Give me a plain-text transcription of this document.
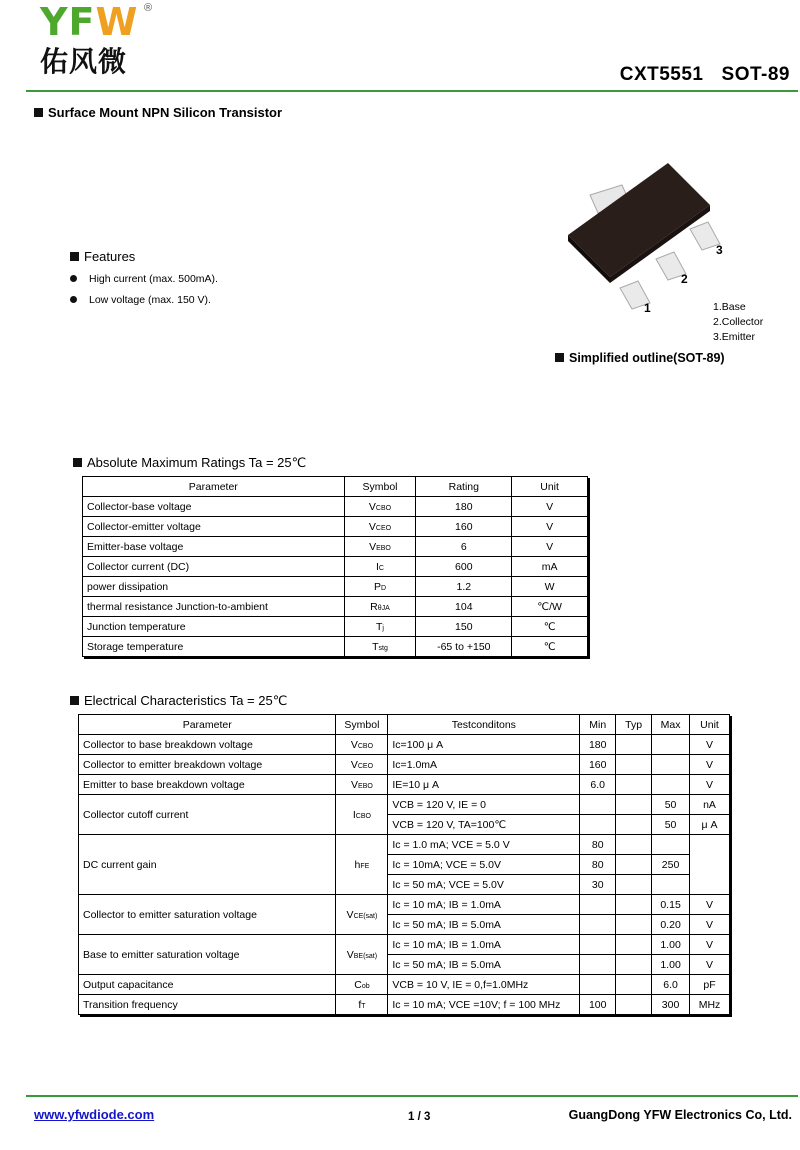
YFW ®
佑风微	CXT5551 SOT-89
Surface Mount NPN Silicon Transistor
Features
High current (max. 500mA).
Low voltage (max. 150 V).
1
2
3
1.Base
2.Collector
3.Emitter
Simplified outline(SOT-89)
Absolute Maximum Ratings Ta = 25℃
Parameter	Symbol	Rating	Unit
Collector-base voltage	VCBO	180	V
Collector-emitter voltage	VCEO	160	V
Emitter-base voltage	VEBO	6	V
Collector current (DC)	IC	600	mA
power dissipation	PD	1.2	W
thermal resistance Junction-to-ambient	RθJA	104	℃/W
Junction temperature	Tj	150	℃
Storage temperature	Tstg	-65 to +150	℃
Electrical Characteristics Ta = 25℃
Parameter	Symbol	Testconditons	Min	Typ	Max	Unit
Collector to base breakdown voltage	VCBO	Ic=100 μ A	180			V
Collector to emitter breakdown voltage	VCEO	Ic=1.0mA	160			V
Emitter to base breakdown voltage	VEBO	IE=10 μ A	6.0			V
Collector cutoff current	ICBO	VCB = 120 V, IE = 0			50	nA
		VCB = 120 V, TA=100℃			50	μ A
DC current gain	hFE	Ic = 1.0 mA; VCE = 5.0 V	80			
		Ic = 10mA; VCE = 5.0V	80		250	
		Ic = 50 mA; VCE = 5.0V	30			
Collector to emitter saturation voltage	VCE(sat)	Ic = 10 mA; IB = 1.0mA			0.15	V
		Ic = 50 mA; IB = 5.0mA			0.20	V
Base to emitter saturation voltage	VBE(sat)	Ic = 10 mA; IB = 1.0mA			1.00	V
		Ic = 50 mA; IB = 5.0mA			1.00	V
Output capacitance	Cob	VCB = 10 V, IE = 0,f=1.0MHz			6.0	pF
Transition frequency	fT	Ic = 10 mA; VCE =10V; f = 100 MHz	100		300	MHz
www.yfwdiode.com	1 / 3	GuangDong YFW Electronics Co, Ltd.
